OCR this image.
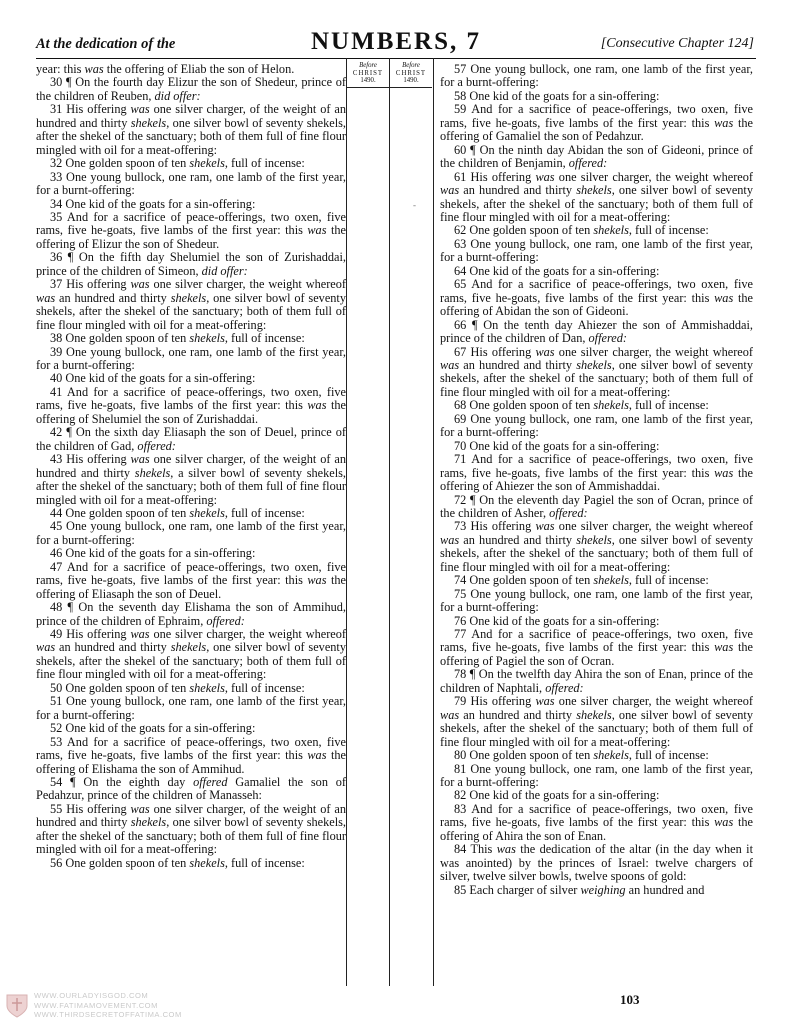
At the dedication of the	NUMBERS, 7	[Consecutive Chapter 124]

year: this was the offering of Eliab the son of Helon.

30 ¶ On the fourth day Elizur the son of Shedeur, prince of the children of Reuben, did offer:

31 His offering was one silver charger, of the weight of an hundred and thirty shekels, one silver bowl of seventy shekels, after the shekel of the sanctuary; both of them full of fine flour mingled with oil for a meat-offering:

32 One golden spoon of ten shekels, full of incense:

33 One young bullock, one ram, one lamb of the first year, for a burnt-offering:

34 One kid of the goats for a sin-offering:

35 And for a sacrifice of peace-offerings, two oxen, five rams, five he-goats, five lambs of the first year: this was the offering of Elizur the son of Shedeur.

36 ¶ On the fifth day Shelumiel the son of Zurishaddai, prince of the children of Simeon, did offer:

37 His offering was one silver charger, the weight whereof was an hundred and thirty shekels, one silver bowl of seventy shekels, after the shekel of the sanctuary; both of them full of fine flour mingled with oil for a meat-offering:

38 One golden spoon of ten shekels, full of incense:

39 One young bullock, one ram, one lamb of the first year, for a burnt-offering:

40 One kid of the goats for a sin-offering:

41 And for a sacrifice of peace-offerings, two oxen, five rams, five he-goats, five lambs of the first year: this was the offering of Shelumiel the son of Zurishaddai.

42 ¶ On the sixth day Eliasaph the son of Deuel, prince of the children of Gad, offered:

43 His offering was one silver charger, of the weight of an hundred and thirty shekels, a silver bowl of seventy shekels, after the shekel of the sanctuary; both of them full of fine flour mingled with oil for a meat-offering:

44 One golden spoon of ten shekels, full of incense:

45 One young bullock, one ram, one lamb of the first year, for a burnt-offering:

46 One kid of the goats for a sin-offering:

47 And for a sacrifice of peace-offerings, two oxen, five rams, five he-goats, five lambs of the first year: this was the offering of Eliasaph the son of Deuel.

48 ¶ On the seventh day Elishama the son of Ammihud, prince of the children of Ephraim, offered:

49 His offering was one silver charger, the weight whereof was an hundred and thirty shekels, one silver bowl of seventy shekels, after the shekel of the sanctuary; both of them full of fine flour mingled with oil for a meat-offering:

50 One golden spoon of ten shekels, full of incense:

51 One young bullock, one ram, one lamb of the first year, for a burnt-offering:

52 One kid of the goats for a sin-offering:

53 And for a sacrifice of peace-offerings, two oxen, five rams, five he-goats, five lambs of the first year: this was the offering of Elishama the son of Ammihud.

54 ¶ On the eighth day offered Gamaliel the son of Pedahzur, prince of the children of Manasseh:

55 His offering was one silver charger, of the weight of an hundred and thirty shekels, one silver bowl of seventy shekels, after the shekel of the sanctuary; both of them full of fine flour mingled with oil for a meat-offering:

56 One golden spoon of ten shekels, full of incense:

Before
CHRIST
1490.
Before
CHRIST
1490.
‐

57 One young bullock, one ram, one lamb of the first year, for a burnt-offering:

58 One kid of the goats for a sin-offering:

59 And for a sacrifice of peace-offerings, two oxen, five rams, five he-goats, five lambs of the first year: this was the offering of Gamaliel the son of Pedahzur.

60 ¶ On the ninth day Abidan the son of Gideoni, prince of the children of Benjamin, offered:

61 His offering was one silver charger, the weight whereof was an hundred and thirty shekels, one silver bowl of seventy shekels, after the shekel of the sanctuary; both of them full of fine flour mingled with oil for a meat-offering:

62 One golden spoon of ten shekels, full of incense:

63 One young bullock, one ram, one lamb of the first year, for a burnt-offering:

64 One kid of the goats for a sin-offering:

65 And for a sacrifice of peace-offerings, two oxen, five rams, five he-goats, five lambs of the first year: this was the offering of Abidan the son of Gideoni.

66 ¶ On the tenth day Ahiezer the son of Ammishaddai, prince of the children of Dan, offered:

67 His offering was one silver charger, the weight whereof was an hundred and thirty shekels, one silver bowl of seventy shekels, after the shekel of the sanctuary; both of them full of fine flour mingled with oil for a meat-offering:

68 One golden spoon of ten shekels, full of incense:

69 One young bullock, one ram, one lamb of the first year, for a burnt-offering:

70 One kid of the goats for a sin-offering:

71 And for a sacrifice of peace-offerings, two oxen, five rams, five he-goats, five lambs of the first year: this was the offering of Ahiezer the son of Ammishaddai.

72 ¶ On the eleventh day Pagiel the son of Ocran, prince of the children of Asher, offered:

73 His offering was one silver charger, the weight whereof was an hundred and thirty shekels, one silver bowl of seventy shekels, after the shekel of the sanctuary; both of them full of fine flour mingled with oil for a meat-offering:

74 One golden spoon of ten shekels, full of incense:

75 One young bullock, one ram, one lamb of the first year, for a burnt-offering:

76 One kid of the goats for a sin-offering:

77 And for a sacrifice of peace-offerings, two oxen, five rams, five he-goats, five lambs of the first year: this was the offering of Pagiel the son of Ocran.

78 ¶ On the twelfth day Ahira the son of Enan, prince of the children of Naphtali, offered:

79 His offering was one silver charger, the weight whereof was an hundred and thirty shekels, one silver bowl of seventy shekels, after the shekel of the sanctuary; both of them full of fine flour mingled with oil for a meat-offering:

80 One golden spoon of ten shekels, full of incense:

81 One young bullock, one ram, one lamb of the first year, for a burnt-offering:

82 One kid of the goats for a sin-offering:

83 And for a sacrifice of peace-offerings, two oxen, five rams, five he-goats, five lambs of the first year: this was the offering of Ahira the son of Enan.

84 This was the dedication of the altar (in the day when it was anointed) by the princes of Israel: twelve chargers of silver, twelve silver bowls, twelve spoons of gold:

85 Each charger of silver weighing an hundred and

103
WWW.OURLADYISGOD.COM
WWW.FATIMAMOVEMENT.COM
WWW.THIRDSECRETOFFATIMA.COM
